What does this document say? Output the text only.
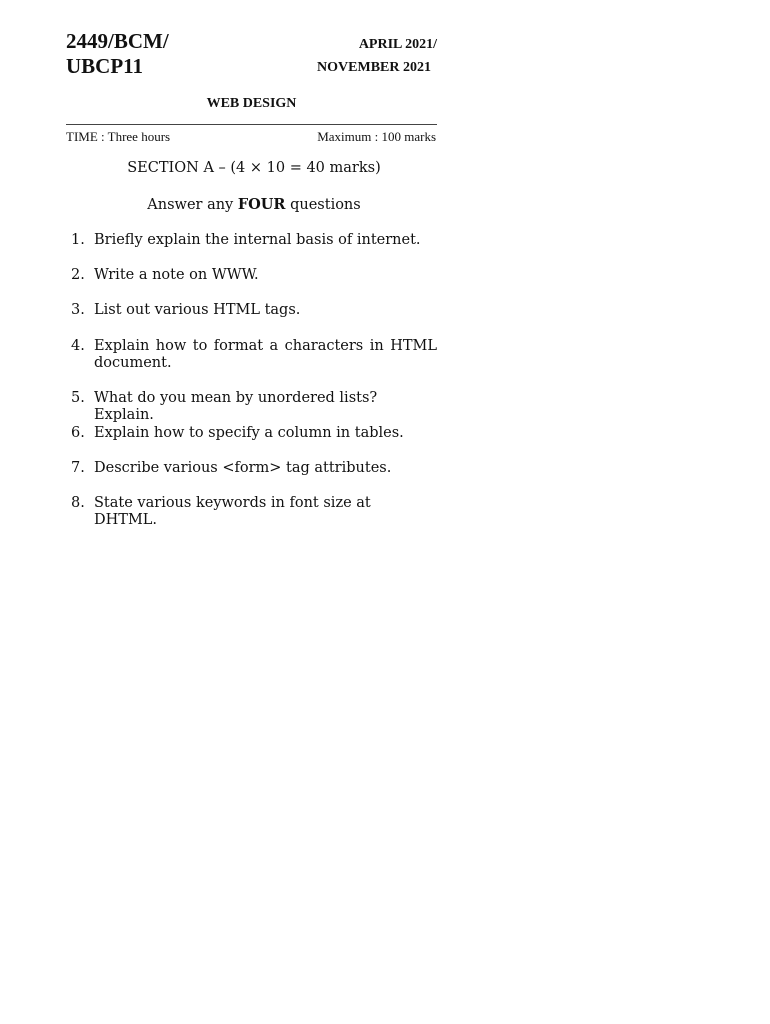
2449/BCM/
UBCP11
APRIL 2021/
NOVEMBER 2021
WEB DESIGN
TIME : Three hours	Maximum : 100 marks
SECTION A – (4 × 10 = 40 marks)
Answer any FOUR questions
1. Briefly explain the internal basis of internet.
2. Write a note on WWW.
3. List out various HTML tags.
4. Explain how to format a characters in HTML
document.
5. What do you mean by unordered lists? Explain.
6. Explain how to specify a column in tables.
7. Describe various <form> tag attributes.
8. State various keywords in font size at DHTML.
